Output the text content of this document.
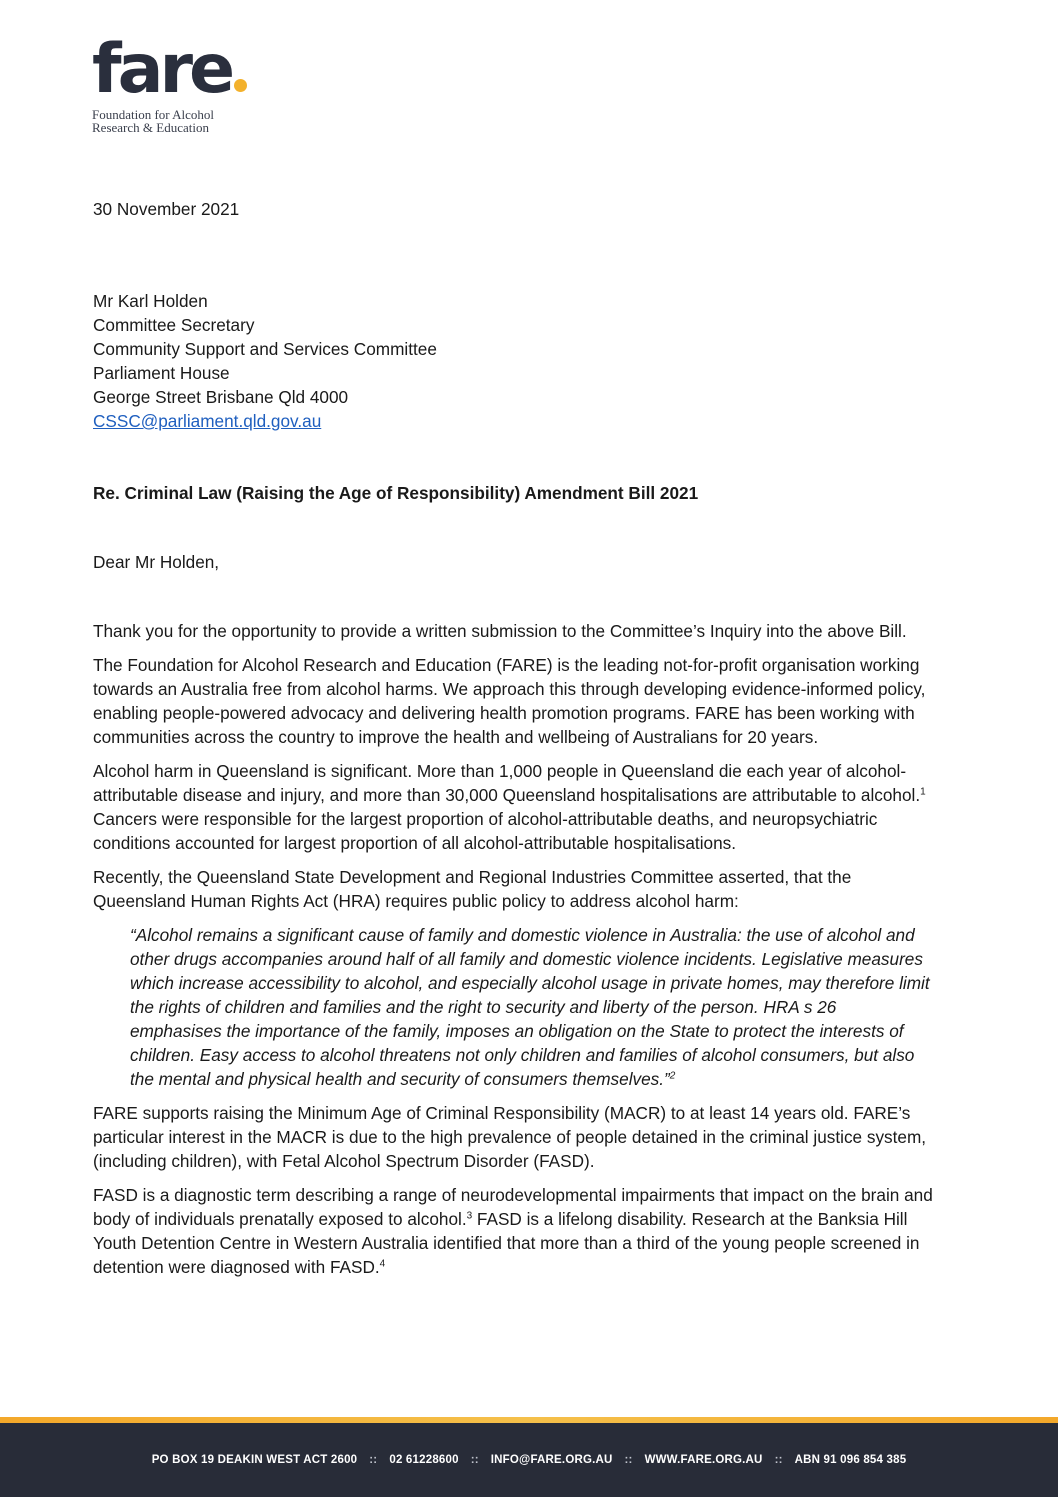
fare
Foundation for Alcohol
Research & Education
30 November 2021
Mr Karl Holden
Committee Secretary
Community Support and Services Committee
Parliament House
George Street Brisbane Qld 4000
CSSC@parliament.qld.gov.au
Re. Criminal Law (Raising the Age of Responsibility) Amendment Bill 2021
Dear Mr Holden,

Thank you for the opportunity to provide a written submission to the Committee’s Inquiry into the above Bill.

The Foundation for Alcohol Research and Education (FARE) is the leading not-for-profit organisation working towards an Australia free from alcohol harms. We approach this through developing evidence-informed policy, enabling people-powered advocacy and delivering health promotion programs. FARE has been working with communities across the country to improve the health and wellbeing of Australians for 20 years.

Alcohol harm in Queensland is significant. More than 1,000 people in Queensland die each year of alcohol-attributable disease and injury, and more than 30,000 Queensland hospitalisations are attributable to alcohol.$^1$ Cancers were responsible for the largest proportion of alcohol-attributable deaths, and neuropsychiatric conditions accounted for largest proportion of all alcohol-attributable hospitalisations.

Recently, the Queensland State Development and Regional Industries Committee asserted, that the Queensland Human Rights Act (HRA) requires public policy to address alcohol harm:

“Alcohol remains a significant cause of family and domestic violence in Australia: the use of alcohol and other drugs accompanies around half of all family and domestic violence incidents. Legislative measures which increase accessibility to alcohol, and especially alcohol usage in private homes, may therefore limit the rights of children and families and the right to security and liberty of the person. HRA s 26 emphasises the importance of the family, imposes an obligation on the State to protect the interests of children. Easy access to alcohol threatens not only children and families of alcohol consumers, but also the mental and physical health and security of consumers themselves.”$^2$

FARE supports raising the Minimum Age of Criminal Responsibility (MACR) to at least 14 years old. FARE’s particular interest in the MACR is due to the high prevalence of people detained in the criminal justice system, (including children), with Fetal Alcohol Spectrum Disorder (FASD).

FASD is a diagnostic term describing a range of neurodevelopmental impairments that impact on the brain and body of individuals prenatally exposed to alcohol.$^3$ FASD is a lifelong disability. Research at the Banksia Hill Youth Detention Centre in Western Australia identified that more than a third of the young people screened in detention were diagnosed with FASD.$^4$

PO BOX 19 DEAKIN WEST ACT 2600 :: 02 61228600 :: INFO@FARE.ORG.AU :: WWW.FARE.ORG.AU :: ABN 91 096 854 385
